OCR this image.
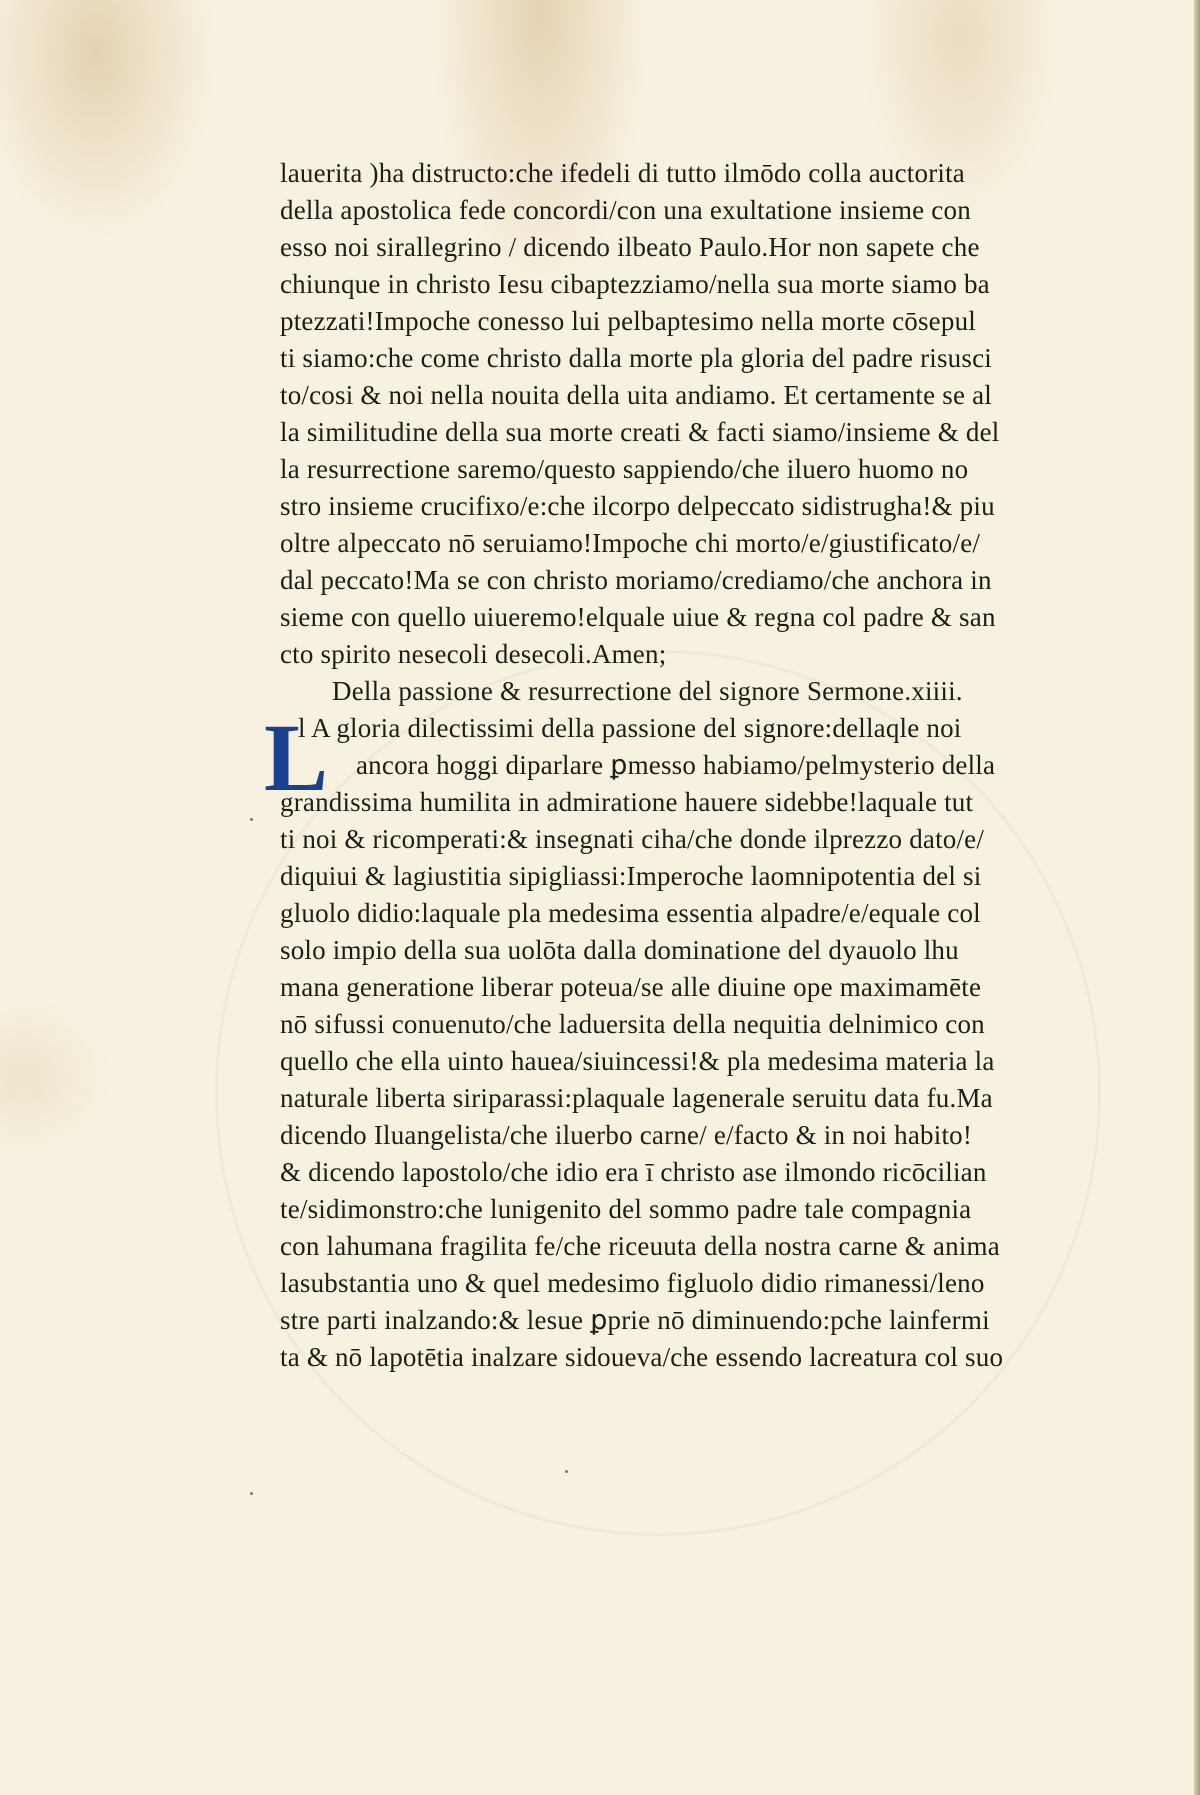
L
lauerita )ha distructo:che ifedeli di tutto ilmōdo colla auctorita
della apostolica fede concordi/con una exultatione insieme con
esso noi sirallegrino / dicendo ilbeato Paulo.Hor non sapete che
chiunque in christo Iesu cibaptezziamo/nella sua morte siamo ba
ptezzati!Impoche conesso lui pelbaptesimo nella morte cōsepul
ti siamo:che come christo dalla morte pla gloria del padre risusci
to/cosi & noi nella nouita della uita andiamo. Et certamente se al
la similitudine della sua morte creati & facti siamo/insieme & del
la resurrectione saremo/questo sappiendo/che iluero huomo no
stro insieme crucifixo/e:che ilcorpo delpeccato sidistrugha!& piu
oltre alpeccato nō seruiamo!Impoche chi morto/e/giustificato/e/
dal peccato!Ma se con christo moriamo/crediamo/che anchora in
sieme con quello uiueremo!elquale uiue & regna col padre & san
cto spirito nesecoli desecoli.Amen;
Della passione & resurrectione del signore Sermone.xiiii.
l A gloria dilectissimi della passione del signore:dellaqle noi
ancora hoggi diparlare ꝑmesso habiamo/pelmysterio della
grandissima humilita in admiratione hauere sidebbe!laquale tut
ti noi & ricomperati:& insegnati ciha/che donde ilprezzo dato/e/
diquiui & lagiustitia sipigliassi:Imperoche laomnipotentia del si
gluolo didio:laquale pla medesima essentia alpadre/e/equale col
solo impio della sua uolōta dalla dominatione del dyauolo lhu
mana generatione liberar poteua/se alle diuine ope maximamēte
nō sifussi conuenuto/che laduersita della nequitia delnimico con
quello che ella uinto hauea/siuincessi!& pla medesima materia la
naturale liberta siriparassi:plaquale lagenerale seruitu data fu.Ma
dicendo Iluangelista/che iluerbo carne/ e/facto & in noi habito!
& dicendo lapostolo/che idio era ī christo ase ilmondo ricōcilian
te/sidimonstro:che lunigenito del sommo padre tale compagnia
con lahumana fragilita fe/che riceuuta della nostra carne & anima
lasubstantia uno & quel medesimo figluolo didio rimanessi/leno
stre parti inalzando:& lesue ꝑprie nō diminuendo:pche lainfermi
ta & nō lapotētia inalzare sidoueva/che essendo lacreatura col suo
